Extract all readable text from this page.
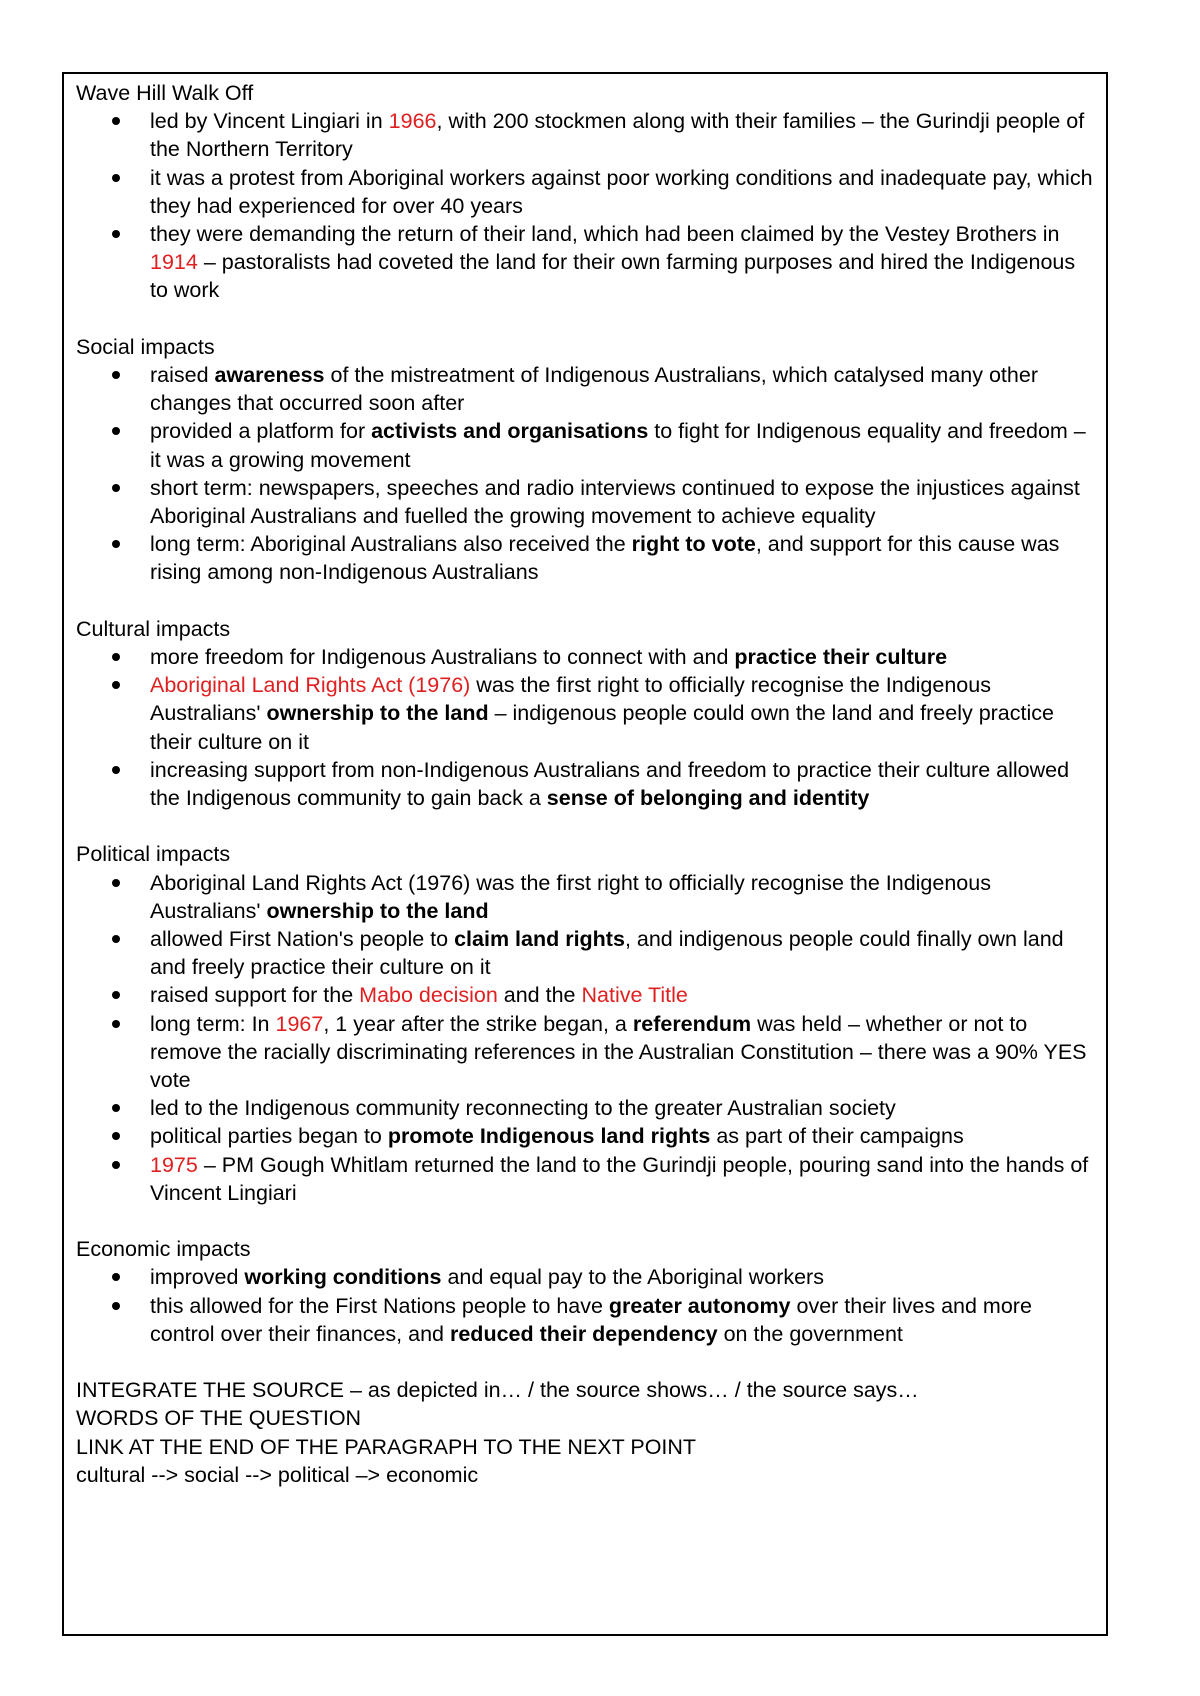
Wave Hill Walk Off
led by Vincent Lingiari in 1966, with 200 stockmen along with their families – the Gurindji people of the Northern Territory
it was a protest from Aboriginal workers against poor working conditions and inadequate pay, which they had experienced for over 40 years
they were demanding the return of their land, which had been claimed by the Vestey Brothers in 1914 – pastoralists had coveted the land for their own farming purposes and hired the Indigenous to work
Social impacts
raised awareness of the mistreatment of Indigenous Australians, which catalysed many other changes that occurred soon after
provided a platform for activists and organisations to fight for Indigenous equality and freedom – it was a growing movement
short term: newspapers, speeches and radio interviews continued to expose the injustices against Aboriginal Australians and fuelled the growing movement to achieve equality
long term: Aboriginal Australians also received the right to vote, and support for this cause was rising among non-Indigenous Australians
Cultural impacts
more freedom for Indigenous Australians to connect with and practice their culture
Aboriginal Land Rights Act (1976) was the first right to officially recognise the Indigenous Australians' ownership to the land – indigenous people could own the land and freely practice their culture on it
increasing support from non-Indigenous Australians and freedom to practice their culture allowed the Indigenous community to gain back a sense of belonging and identity
Political impacts
Aboriginal Land Rights Act (1976) was the first right to officially recognise the Indigenous Australians' ownership to the land
allowed First Nation's people to claim land rights, and indigenous people could finally own land and freely practice their culture on it
raised support for the Mabo decision and the Native Title
long term: In 1967, 1 year after the strike began, a referendum was held – whether or not to remove the racially discriminating references in the Australian Constitution – there was a 90% YES vote
led to the Indigenous community reconnecting to the greater Australian society
political parties began to promote Indigenous land rights as part of their campaigns
1975 – PM Gough Whitlam returned the land to the Gurindji people, pouring sand into the hands of Vincent Lingiari
Economic impacts
improved working conditions and equal pay to the Aboriginal workers
this allowed for the First Nations people to have greater autonomy over their lives and more control over their finances, and reduced their dependency on the government
INTEGRATE THE SOURCE – as depicted in… / the source shows… / the source says…
WORDS OF THE QUESTION
LINK AT THE END OF THE PARAGRAPH TO THE NEXT POINT
cultural --> social --> political –> economic
